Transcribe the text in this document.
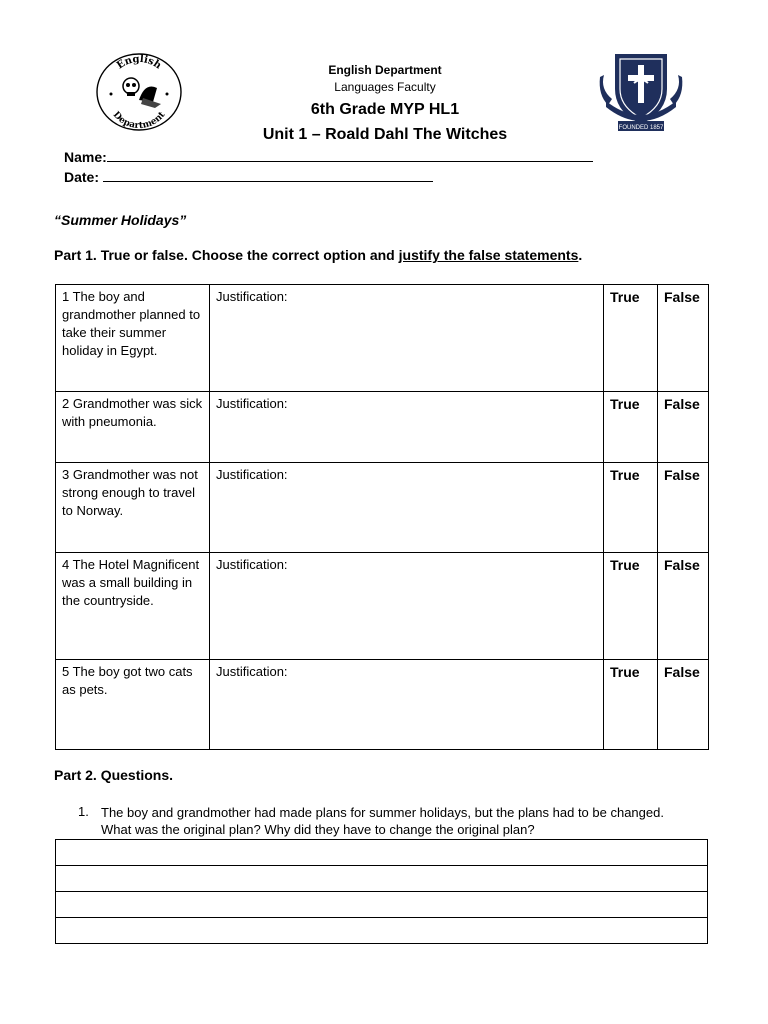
English
Department
FOUNDED 1857
English Department
Languages Faculty
6th Grade MYP HL1
Unit 1 – Roald Dahl The Witches
Name:
Date:
“Summer Holidays”
Part 1. True or false. Choose the correct option and justify the false statements.
1 The boy and grandmother planned to take their summer holiday in Egypt.	Justification:	True	False
2 Grandmother was sick with pneumonia.	Justification:	True	False
3 Grandmother was not strong enough to travel to Norway.	Justification:	True	False
4 The Hotel Magnificent was a small building in the countryside.	Justification:	True	False
5 The boy got two cats as pets.	Justification:	True	False
Part 2. Questions.
1. The boy and grandmother had made plans for summer holidays, but the plans had to be changed. What was the original plan? Why did they have to change the original plan?
